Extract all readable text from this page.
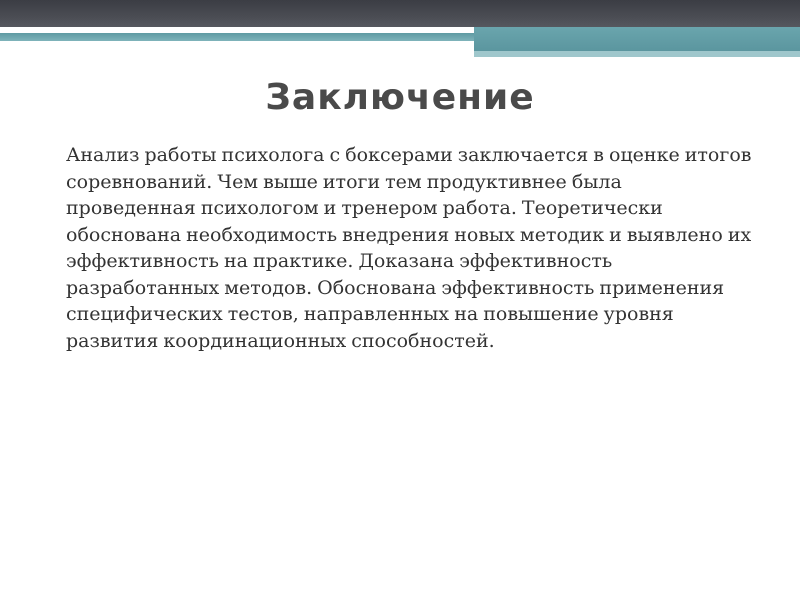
Заключение

Анализ работы психолога с боксерами заключается в оценке итогов соревнований. Чем выше итоги тем продуктивнее была проведенная психологом и тренером работа. Теоретически обоснована необходимость внедрения новых методик и выявлено их эффективность на практике. Доказана эффективность разработанных методов. Обоснована эффективность применения специфических тестов, направленных на повышение уровня развития координационных способностей.
